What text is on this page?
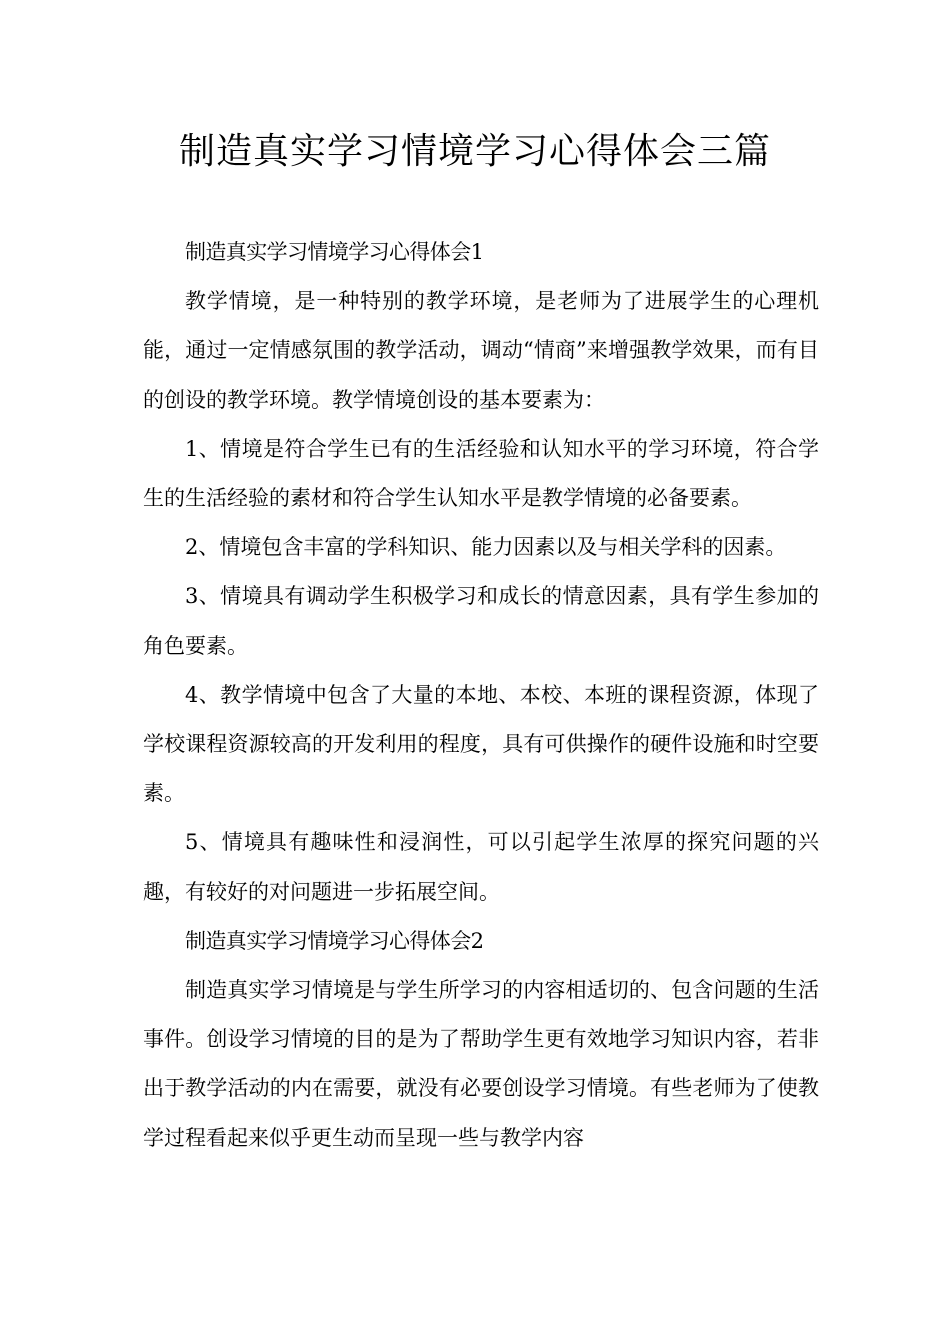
制造真实学习情境学习心得体会三篇

制造真实学习情境学习心得体会1

教学情境，是一种特别的教学环境，是老师为了进展学生的心理机能，通过一定情感氛围的教学活动，调动“情商”来增强教学效果，而有目的创设的教学环境。教学情境创设的基本要素为：

1、情境是符合学生已有的生活经验和认知水平的学习环境，符合学生的生活经验的素材和符合学生认知水平是教学情境的必备要素。

2、情境包含丰富的学科知识、能力因素以及与相关学科的因素。

3、情境具有调动学生积极学习和成长的情意因素，具有学生参加的角色要素。

4、教学情境中包含了大量的本地、本校、本班的课程资源，体现了学校课程资源较高的开发利用的程度，具有可供操作的硬件设施和时空要素。

5、情境具有趣味性和浸润性，可以引起学生浓厚的探究问题的兴趣，有较好的对问题进一步拓展空间。

制造真实学习情境学习心得体会2

制造真实学习情境是与学生所学习的内容相适切的、包含问题的生活事件。创设学习情境的目的是为了帮助学生更有效地学习知识内容，若非出于教学活动的内在需要，就没有必要创设学习情境。有些老师为了使教学过程看起来似乎更生动而呈现一些与教学内容
